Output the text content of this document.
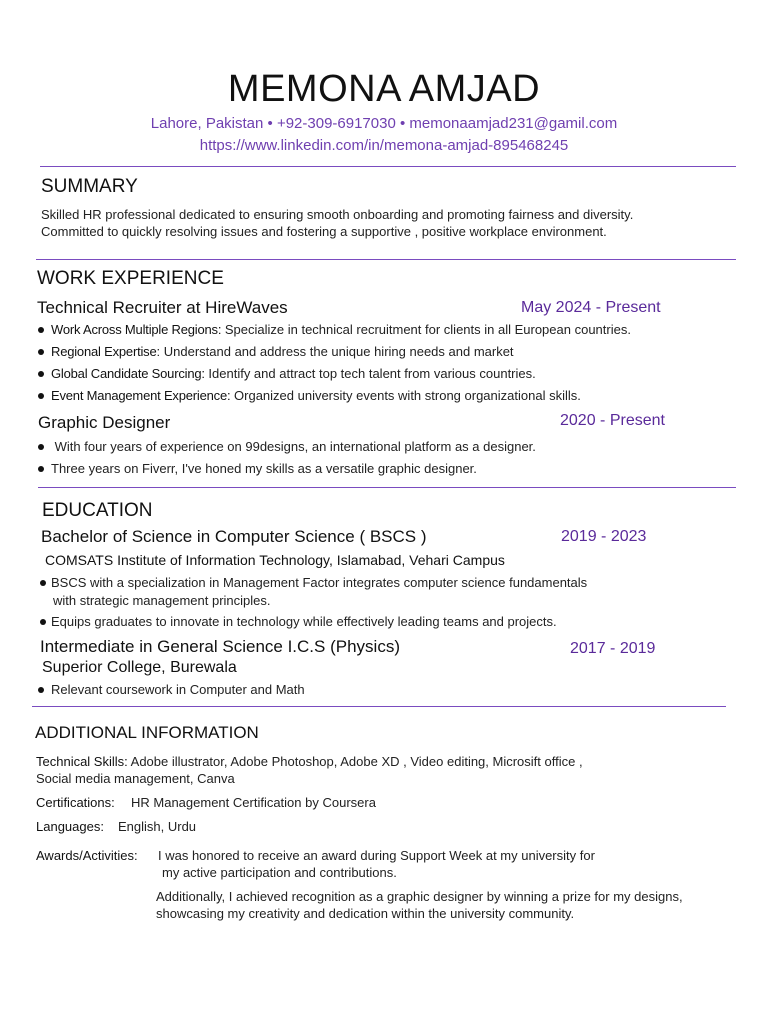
MEMONA AMJAD
Lahore, Pakistan • +92-309-6917030 • memonaamjad231@gamil.com
https://www.linkedin.com/in/memona-amjad-895468245
SUMMARY
Skilled HR professional dedicated to ensuring smooth onboarding and promoting fairness and diversity.
Committed to quickly resolving issues and fostering a supportive , positive workplace environment.
WORK EXPERIENCE
Technical Recruiter at HireWaves	May 2024 - Present
Work Across Multiple Regions: Specialize in technical recruitment for clients in all European countries.
Regional Expertise: Understand and address the unique hiring needs and market
Global Candidate Sourcing: Identify and attract top tech talent from various countries.
Event Management Experience: Organized university events with strong organizational skills.
Graphic Designer	2020 - Present
With four years of experience on 99designs, an international platform as a designer.
Three years on Fiverr, I've honed my skills as a versatile graphic designer.
EDUCATION
Bachelor of Science in Computer Science ( BSCS )	2019 - 2023
COMSATS Institute of Information Technology, Islamabad, Vehari Campus
BSCS with a specialization in Management Factor integrates computer science fundamentals
with strategic management principles.
Equips graduates to innovate in technology while effectively leading teams and projects.
Intermediate in General Science I.C.S (Physics)	2017 - 2019
Superior College, Burewala
Relevant coursework in Computer and Math
ADDITIONAL INFORMATION
Technical Skills: Adobe illustrator, Adobe Photoshop, Adobe XD , Video editing, Microsift office ,
Social media management, Canva
Certifications: HR Management Certification by Coursera
Languages: English, Urdu
Awards/Activities: I was honored to receive an award during Support Week at my university for
my active participation and contributions.
Additionally, I achieved recognition as a graphic designer by winning a prize for my designs,
showcasing my creativity and dedication within the university community.
